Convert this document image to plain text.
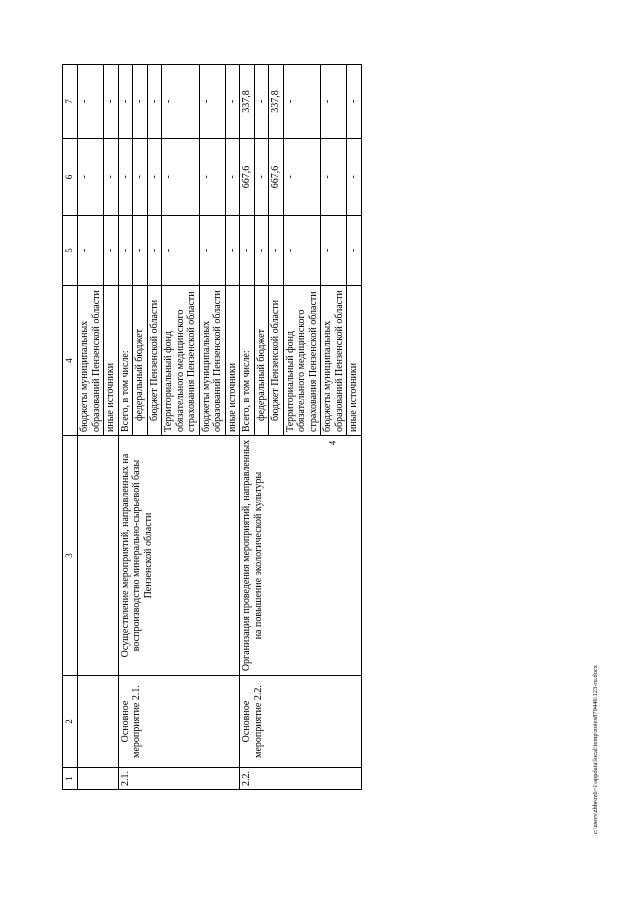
4
1	2	3	4	5	6	7
			бюджеты муниципальных образований Пензенской области	-	-	-
			иные источники	-	-	-
2.1.	Основное мероприятие 2.1.	Осуществление мероприятий, направленных на воспроизводство минерально-сырьевой базы Пензенской области	Всего, в том числе:	-	-	-
			федеральный бюджет	-	-	-
			бюджет Пензенской области	-	-	-
			Территориальный фонд обязательного медицинского страхования Пензенской области	-	-	-
			бюджеты муниципальных образований Пензенской области	-	-	-
			иные источники	-	-	-
2.2.	Основное мероприятие 2.2.	Организация проведения мероприятий, направленных на повышение экологической культуры	Всего, в том числе:	-	667,6	337,8
			федеральный бюджет	-	-	-
			бюджет Пензенской области	-	667,6	337,8
			Территориальный фонд обязательного медицинского страхования Пензенской области	-	-	-
			бюджеты муниципальных образований Пензенской области	-	-	-
			иные источники	-	-	-
c:\users\zhbroz6~1\appdata\local\temp\notes879446\123-ru.docx
